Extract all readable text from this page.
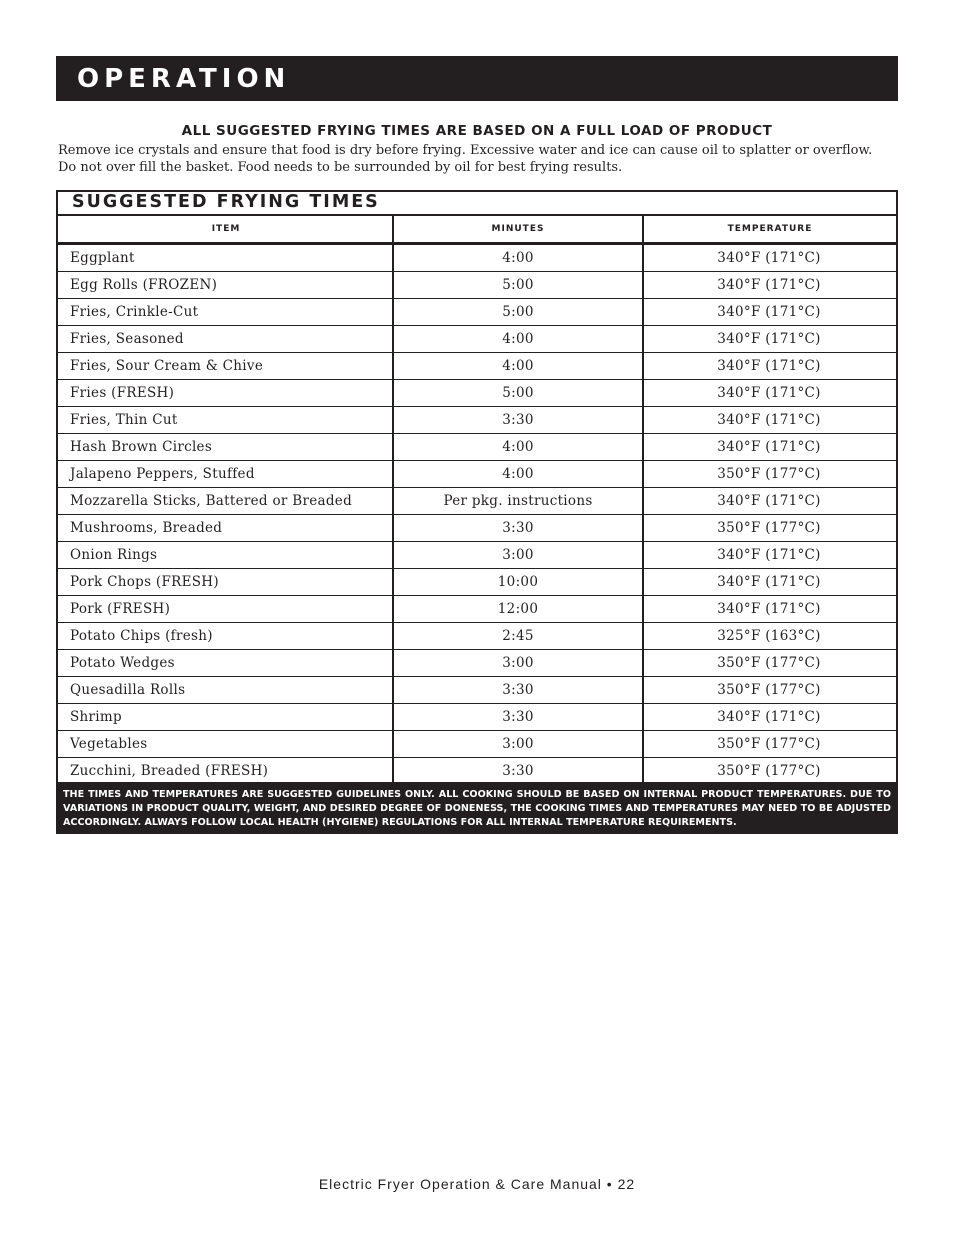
OPERATION
ALL SUGGESTED FRYING TIMES ARE BASED ON A FULL LOAD OF PRODUCT
Remove ice crystals and ensure that food is dry before frying. Excessive water and ice can cause oil to splatter or overflow. Do not over fill the basket. Food needs to be surrounded by oil for best frying results.
SUGGESTED FRYING TIMES
ITEM	MINUTES	TEMPERATURE
Eggplant	4:00	340°F (171°C)
Egg Rolls (FROZEN)	5:00	340°F (171°C)
Fries, Crinkle-Cut	5:00	340°F (171°C)
Fries, Seasoned	4:00	340°F (171°C)
Fries, Sour Cream & Chive	4:00	340°F (171°C)
Fries (FRESH)	5:00	340°F (171°C)
Fries, Thin Cut	3:30	340°F (171°C)
Hash Brown Circles	4:00	340°F (171°C)
Jalapeno Peppers, Stuffed	4:00	350°F (177°C)
Mozzarella Sticks, Battered or Breaded	Per pkg. instructions	340°F (171°C)
Mushrooms, Breaded	3:30	350°F (177°C)
Onion Rings	3:00	340°F (171°C)
Pork Chops (FRESH)	10:00	340°F (171°C)
Pork (FRESH)	12:00	340°F (171°C)
Potato Chips (fresh)	2:45	325°F (163°C)
Potato Wedges	3:00	350°F (177°C)
Quesadilla Rolls	3:30	350°F (177°C)
Shrimp	3:30	340°F (171°C)
Vegetables	3:00	350°F (177°C)
Zucchini, Breaded (FRESH)	3:30	350°F (177°C)
THE TIMES AND TEMPERATURES ARE SUGGESTED GUIDELINES ONLY. ALL COOKING SHOULD BE BASED ON INTERNAL PRODUCT TEMPERATURES. DUE TO VARIATIONS IN PRODUCT QUALITY, WEIGHT, AND DESIRED DEGREE OF DONENESS, THE COOKING TIMES AND TEMPERATURES MAY NEED TO BE ADJUSTED ACCORDINGLY. ALWAYS FOLLOW LOCAL HEALTH (HYGIENE) REGULATIONS FOR ALL INTERNAL TEMPERATURE REQUIREMENTS.
Electric Fryer Operation & Care Manual • 22
